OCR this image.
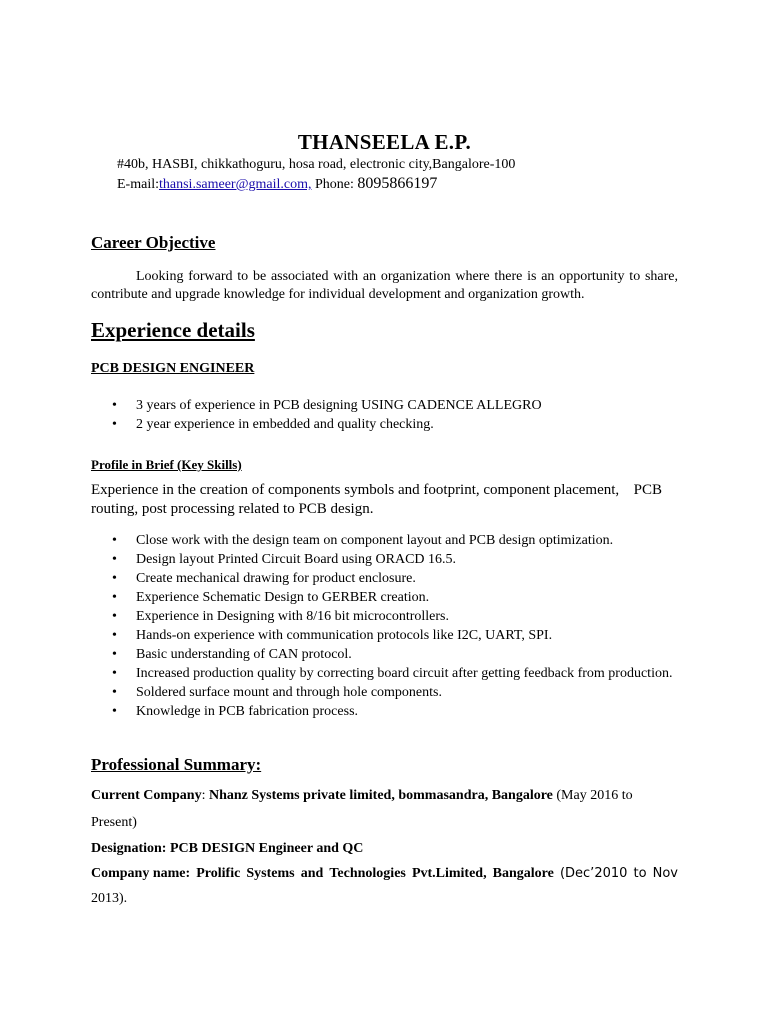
THANSEELA E.P.
#40b, HASBI, chikkathoguru, hosa road, electronic city,Bangalore-100
E-mail:thansi.sameer@gmail.com, Phone: 8095866197
Career Objective
Looking forward to be associated with an organization where there is an opportunity to share, contribute and upgrade knowledge for individual development and organization growth.
Experience details
PCB DESIGN ENGINEER
• 3 years of experience in PCB designing USING CADENCE ALLEGRO
• 2 year experience in embedded and quality checking.
Profile in Brief (Key Skills)
Experience in the creation of components symbols and footprint, component placement, PCB
routing, post processing related to PCB design.
• Close work with the design team on component layout and PCB design optimization.
• Design layout Printed Circuit Board using ORACD 16.5.
• Create mechanical drawing for product enclosure.
• Experience Schematic Design to GERBER creation.
• Experience in Designing with 8/16 bit microcontrollers.
• Hands-on experience with communication protocols like I2C, UART, SPI.
• Basic understanding of CAN protocol.
• Increased production quality by correcting board circuit after getting feedback from production.
• Soldered surface mount and through hole components.
• Knowledge in PCB fabrication process.
Professional Summary:
Current Company: Nhanz Systems private limited, bommasandra, Bangalore (May 2016 to
Present)
Designation: PCB DESIGN Engineer and QC
Company name: Prolific Systems and Technologies Pvt.Limited, Bangalore (Dec’2010 to Nov
2013).
